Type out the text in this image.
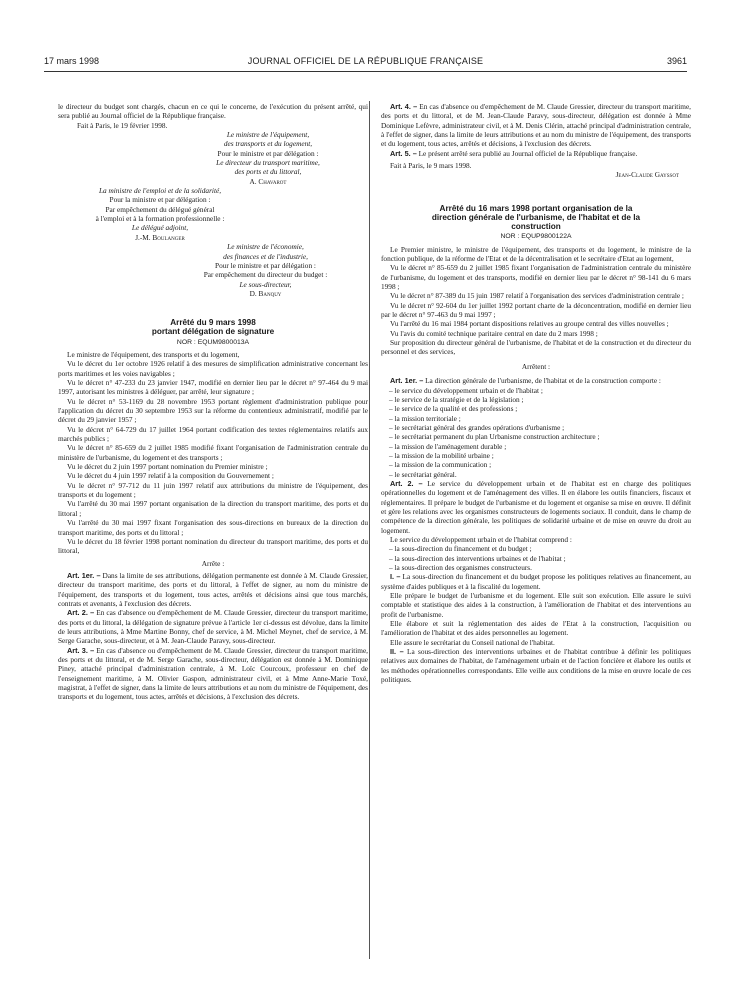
17 mars 1998	JOURNAL OFFICIEL DE LA RÉPUBLIQUE FRANÇAISE	3961

le directeur du budget sont chargés, chacun en ce qui le concerne, de l'exécution du présent arrêté, qui sera publié au Journal officiel de la République française.

Fait à Paris, le 19 février 1998.

Le ministre de l'équipement,
des transports et du logement,
Pour le ministre et par délégation :
Le directeur du transport maritime,
des ports et du littoral,
A. Chavarot
La ministre de l'emploi et de la solidarité,
Pour la ministre et par délégation :
Par empêchement du délégué général
à l'emploi et à la formation professionnelle :
Le délégué adjoint,
J.-M. Boulanger
Le ministre de l'économie,
des finances et de l'industrie,
Pour le ministre et par délégation :
Par empêchement du directeur du budget :
Le sous-directeur,
D. Banquy
Arrêté du 9 mars 1998
portant délégation de signature
NOR : EQUM9800013A

Le ministre de l'équipement, des transports et du logement,

Vu le décret du 1er octobre 1926 relatif à des mesures de simplification administrative concernant les ports maritimes et les voies navigables ;

Vu le décret n° 47-233 du 23 janvier 1947, modifié en dernier lieu par le décret n° 97-464 du 9 mai 1997, autorisant les ministres à déléguer, par arrêté, leur signature ;

Vu le décret n° 53-1169 du 28 novembre 1953 portant règlement d'administration publique pour l'application du décret du 30 septembre 1953 sur la réforme du contentieux administratif, modifié par le décret du 29 janvier 1957 ;

Vu le décret n° 64-729 du 17 juillet 1964 portant codification des textes réglementaires relatifs aux marchés publics ;

Vu le décret n° 85-659 du 2 juillet 1985 modifié fixant l'organisation de l'administration centrale du ministère de l'urbanisme, du logement et des transports ;

Vu le décret du 2 juin 1997 portant nomination du Premier ministre ;

Vu le décret du 4 juin 1997 relatif à la composition du Gouvernement ;

Vu le décret n° 97-712 du 11 juin 1997 relatif aux attributions du ministre de l'équipement, des transports et du logement ;

Vu l'arrêté du 30 mai 1997 portant organisation de la direction du transport maritime, des ports et du littoral ;

Vu l'arrêté du 30 mai 1997 fixant l'organisation des sous-directions en bureaux de la direction du transport maritime, des ports et du littoral ;

Vu le décret du 18 février 1998 portant nomination du directeur du transport maritime, des ports et du littoral,

Arrête :

Art. 1er. – Dans la limite de ses attributions, délégation permanente est donnée à M. Claude Gressier, directeur du transport maritime, des ports et du littoral, à l'effet de signer, au nom du ministre de l'équipement, des transports et du logement, tous actes, arrêtés et décisions ainsi que tous marchés, contrats et avenants, à l'exclusion des décrets.

Art. 2. – En cas d'absence ou d'empêchement de M. Claude Gressier, directeur du transport maritime, des ports et du littoral, la délégation de signature prévue à l'article 1er ci-dessus est dévolue, dans la limite de leurs attributions, à Mme Martine Bonny, chef de service, à M. Michel Meynet, chef de service, à M. Serge Garache, sous-directeur, et à M. Jean-Claude Paravy, sous-directeur.

Art. 3. – En cas d'absence ou d'empêchement de M. Claude Gressier, directeur du transport maritime, des ports et du littoral, et de M. Serge Garache, sous-directeur, délégation est donnée à M. Dominique Piney, attaché principal d'administration centrale, à M. Loïc Courcoux, professeur en chef de l'enseignement maritime, à M. Olivier Gaspon, administrateur civil, et à Mme Anne-Marie Toxé, magistrat, à l'effet de signer, dans la limite de leurs attributions et au nom du ministre de l'équipement, des transports et du logement, tous actes, arrêtés et décisions, à l'exclusion des décrets.

Art. 4. – En cas d'absence ou d'empêchement de M. Claude Gressier, directeur du transport maritime, des ports et du littoral, et de M. Jean-Claude Paravy, sous-directeur, délégation est donnée à Mme Dominique Lefèvre, administrateur civil, et à M. Denis Clérin, attaché principal d'administration centrale, à l'effet de signer, dans la limite de leurs attributions et au nom du ministre de l'équipement, des transports et du logement, tous actes, arrêtés et décisions, à l'exclusion des décrets.

Art. 5. – Le présent arrêté sera publié au Journal officiel de la République française.

Fait à Paris, le 9 mars 1998.

Jean-Claude Gayssot

Arrêté du 16 mars 1998 portant organisation de la
direction générale de l'urbanisme, de l'habitat et de la
construction
NOR : EQUP9800122A

Le Premier ministre, le ministre de l'équipement, des transports et du logement, le ministre de la fonction publique, de la réforme de l'Etat et de la décentralisation et le secrétaire d'Etat au logement,

Vu le décret n° 85-659 du 2 juillet 1985 fixant l'organisation de l'administration centrale du ministère de l'urbanisme, du logement et des transports, modifié en dernier lieu par le décret n° 98-141 du 6 mars 1998 ;

Vu le décret n° 87-389 du 15 juin 1987 relatif à l'organisation des services d'administration centrale ;

Vu le décret n° 92-604 du 1er juillet 1992 portant charte de la déconcentration, modifié en dernier lieu par le décret n° 97-463 du 9 mai 1997 ;

Vu l'arrêté du 16 mai 1984 portant dispositions relatives au groupe central des villes nouvelles ;

Vu l'avis du comité technique paritaire central en date du 2 mars 1998 ;

Sur proposition du directeur général de l'urbanisme, de l'habitat et de la construction et du directeur du personnel et des services,

Arrêtent :

Art. 1er. – La direction générale de l'urbanisme, de l'habitat et de la construction comporte :

– le service du développement urbain et de l'habitat ;
– le service de la stratégie et de la législation ;
– le service de la qualité et des professions ;
– la mission territoriale ;
– le secrétariat général des grandes opérations d'urbanisme ;
– le secrétariat permanent du plan Urbanisme construction architecture ;
– la mission de l'aménagement durable ;
– la mission de la mobilité urbaine ;
– la mission de la communication ;
– le secrétariat général.

Art. 2. – Le service du développement urbain et de l'habitat est en charge des politiques opérationnelles du logement et de l'aménagement des villes. Il en élabore les outils financiers, fiscaux et réglementaires. Il prépare le budget de l'urbanisme et du logement et organise sa mise en œuvre. Il définit et gère les relations avec les organismes constructeurs de logements sociaux. Il conduit, dans le champ de compétence de la direction générale, les politiques de solidarité urbaine et de mise en œuvre du droit au logement.

Le service du développement urbain et de l'habitat comprend :

– la sous-direction du financement et du budget ;
– la sous-direction des interventions urbaines et de l'habitat ;
– la sous-direction des organismes constructeurs.

I. – La sous-direction du financement et du budget propose les politiques relatives au financement, au système d'aides publiques et à la fiscalité du logement.

Elle prépare le budget de l'urbanisme et du logement. Elle suit son exécution. Elle assure le suivi comptable et statistique des aides à la construction, à l'amélioration de l'habitat et des interventions au profit de l'urbanisme.

Elle élabore et suit la réglementation des aides de l'Etat à la construction, l'acquisition ou l'amélioration de l'habitat et des aides personnelles au logement.

Elle assure le secrétariat du Conseil national de l'habitat.

II. – La sous-direction des interventions urbaines et de l'habitat contribue à définir les politiques relatives aux domaines de l'habitat, de l'aménagement urbain et de l'action foncière et élabore les outils et les méthodes opérationnelles correspondants. Elle veille aux conditions de la mise en œuvre locale de ces politiques.
